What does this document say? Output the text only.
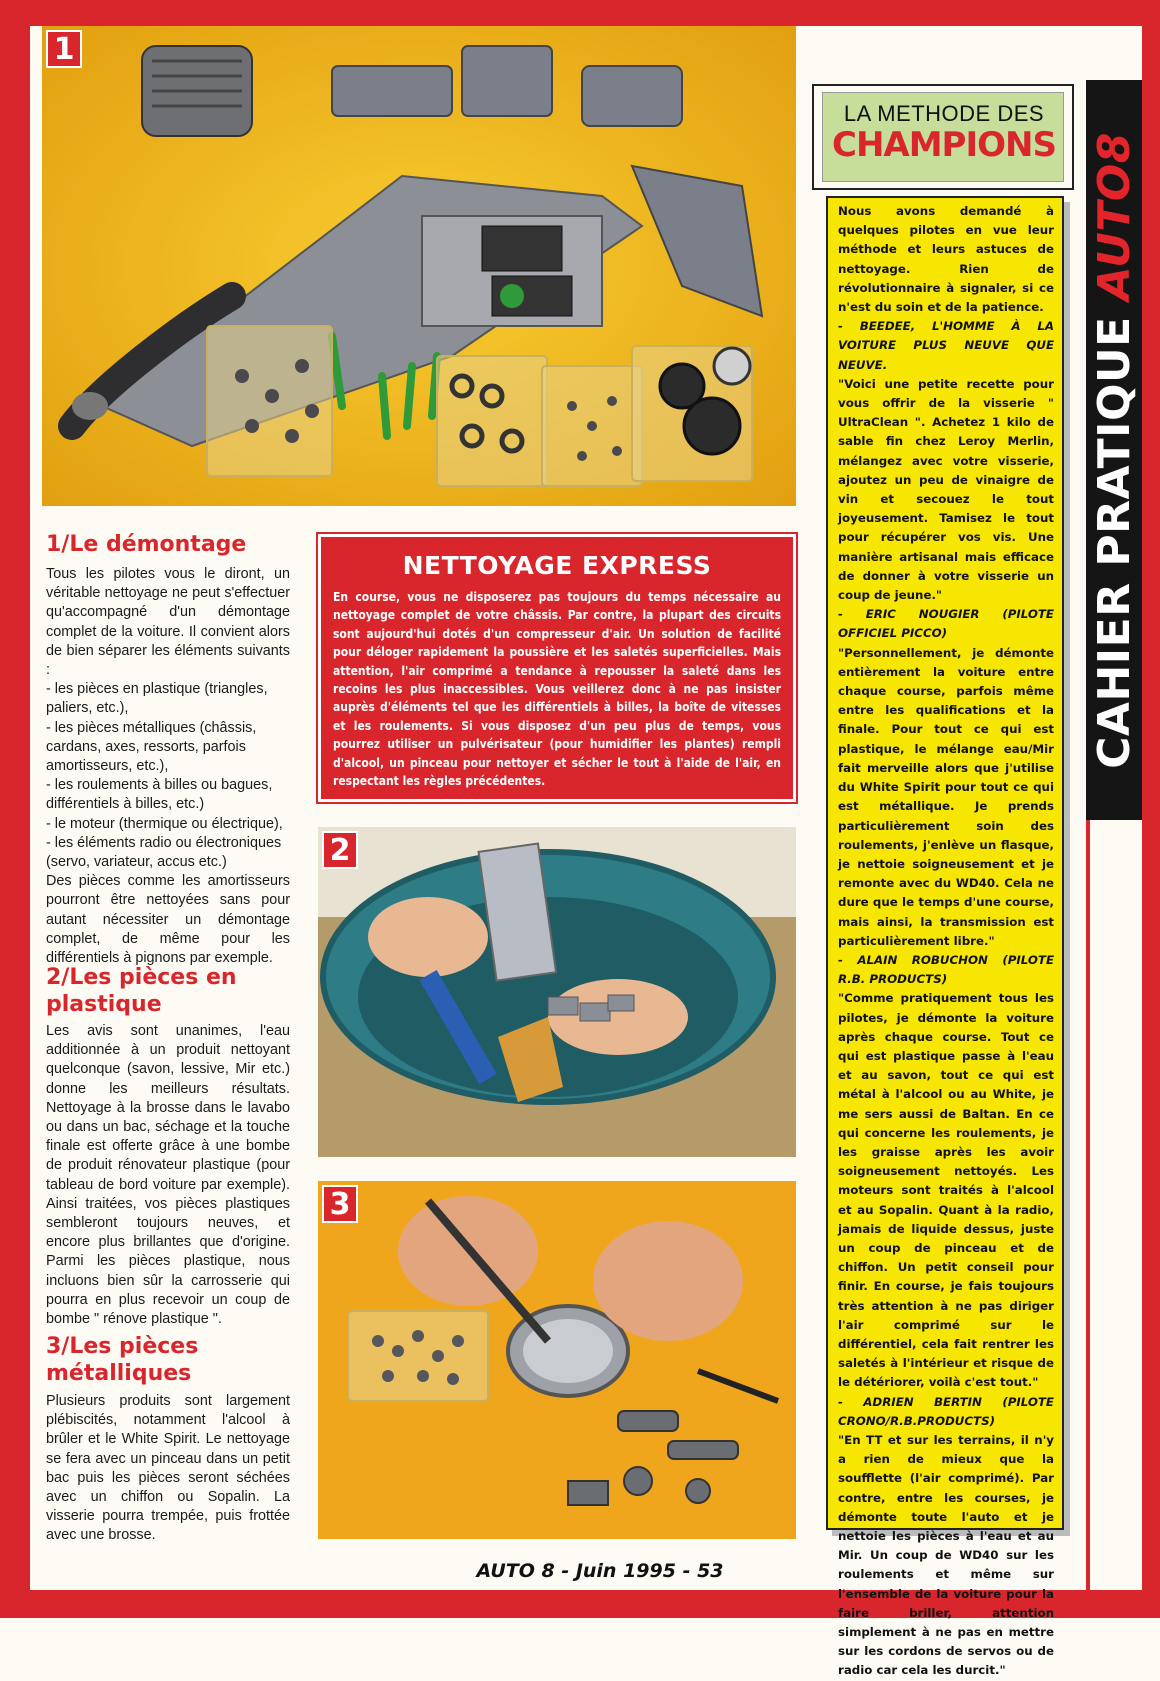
CAHIER PRATIQUE AUTO8
1
1/Le démontage

Tous les pilotes vous le diront, un véritable nettoyage ne peut s'effectuer qu'accompagné d'un démontage complet de la voiture. Il convient alors de bien séparer les éléments suivants :

- les pièces en plastique (triangles, paliers, etc.),

- les pièces métalliques (châssis, cardans, axes, ressorts, parfois amortisseurs, etc.),

- les roulements à billes ou bagues, différentiels à billes, etc.)

- le moteur (thermique ou électrique),

- les éléments radio ou électroniques (servo, variateur, accus etc.)

Des pièces comme les amortisseurs pourront être nettoyées sans pour autant nécessiter un démontage complet, de même pour les différentiels à pignons par exemple.

2/Les pièces en plastique
Les avis sont unanimes, l'eau additionnée à un produit nettoyant quelconque (savon, lessive, Mir etc.) donne les meilleurs résultats. Nettoyage à la brosse dans le lavabo ou dans un bac, séchage et la touche finale est offerte grâce à une bombe de produit rénovateur plastique (pour tableau de bord voiture par exemple). Ainsi traitées, vos pièces plastiques sembleront toujours neuves, et encore plus brillantes que d'origine. Parmi les pièces plastique, nous incluons bien sûr la carrosserie qui pourra en plus recevoir un coup de bombe " rénove plastique ".
3/Les pièces métalliques
Plusieurs produits sont largement plébiscités, notamment l'alcool à brûler et le White Spirit. Le nettoyage se fera avec un pinceau dans un petit bac puis les pièces seront séchées avec un chiffon ou Sopalin. La visserie pourra trempée, puis frottée avec une brosse.
NETTOYAGE EXPRESS

En course, vous ne disposerez pas toujours du temps nécessaire au nettoyage complet de votre châssis. Par contre, la plupart des circuits sont aujourd'hui dotés d'un compresseur d'air. Un solution de facilité pour déloger rapidement la poussière et les saletés superficielles. Mais attention, l'air comprimé a tendance à repousser la saleté dans les recoins les plus inaccessibles. Vous veillerez donc à ne pas insister auprès d'éléments tel que les différentiels à billes, la boîte de vitesses et les roulements. Si vous disposez d'un peu plus de temps, vous pourrez utiliser un pulvérisateur (pour humidifier les plantes) rempli d'alcool, un pinceau pour nettoyer et sécher le tout à l'aide de l'air, en respectant les règles précédentes.

2
3
LA METHODE DES
CHAMPIONS

Nous avons demandé à quelques pilotes en vue leur méthode et leurs astuces de nettoyage. Rien de révolutionnaire à signaler, si ce n'est du soin et de la patience.

- BEEDEE, L'HOMME À LA VOITURE PLUS NEUVE QUE NEUVE.

"Voici une petite recette pour vous offrir de la visserie " UltraClean ". Achetez 1 kilo de sable fin chez Leroy Merlin, mélangez avec votre visserie, ajoutez un peu de vinaigre de vin et secouez le tout joyeusement. Tamisez le tout pour récupérer vos vis. Une manière artisanal mais efficace de donner à votre visserie un coup de jeune."

- ERIC NOUGIER (PILOTE OFFICIEL PICCO)

"Personnellement, je démonte entièrement la voiture entre chaque course, parfois même entre les qualifications et la finale. Pour tout ce qui est plastique, le mélange eau/Mir fait merveille alors que j'utilise du White Spirit pour tout ce qui est métallique. Je prends particulièrement soin des roulements, j'enlève un flasque, je nettoie soigneusement et je remonte avec du WD40. Cela ne dure que le temps d'une course, mais ainsi, la transmission est particulièrement libre."

- ALAIN ROBUCHON (PILOTE R.B. PRODUCTS)

"Comme pratiquement tous les pilotes, je démonte la voiture après chaque course. Tout ce qui est plastique passe à l'eau et au savon, tout ce qui est métal à l'alcool ou au White, je me sers aussi de Baltan. En ce qui concerne les roulements, je les graisse après les avoir soigneusement nettoyés. Les moteurs sont traités à l'alcool et au Sopalin. Quant à la radio, jamais de liquide dessus, juste un coup de pinceau et de chiffon. Un petit conseil pour finir. En course, je fais toujours très attention à ne pas diriger l'air comprimé sur le différentiel, cela fait rentrer les saletés à l'intérieur et risque de le détériorer, voilà c'est tout."

- ADRIEN BERTIN (PILOTE CRONO/R.B.PRODUCTS)

"En TT et sur les terrains, il n'y a rien de mieux que la soufflette (l'air comprimé). Par contre, entre les courses, je démonte toute l'auto et je nettoie les pièces à l'eau et au Mir. Un coup de WD40 sur les roulements et même sur l'ensemble de la voiture pour la faire briller, attention simplement à ne pas en mettre sur les cordons de servos ou de radio car cela les durcit."

AUTO 8 - Juin 1995 - 53
